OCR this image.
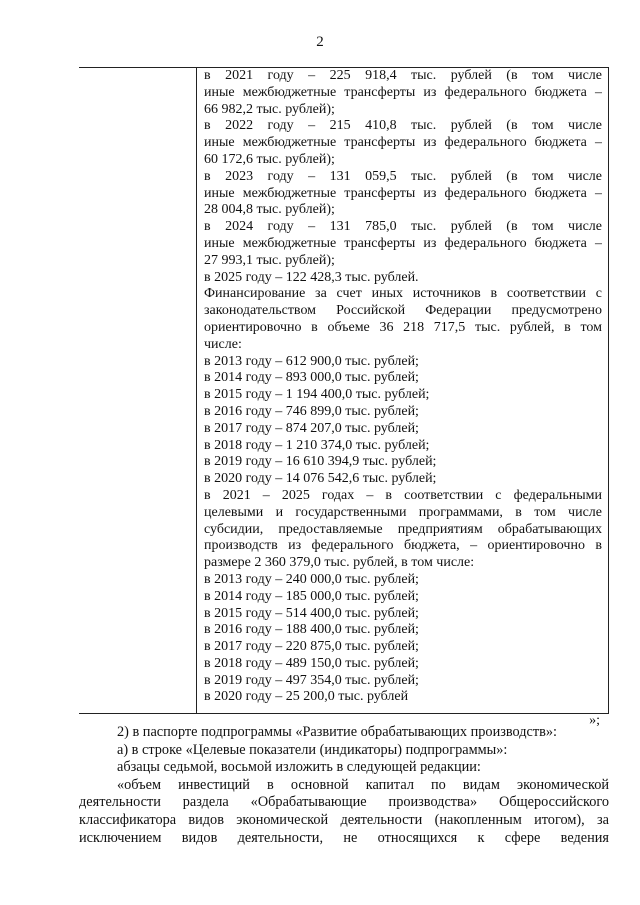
2
в 2021 году – 225 918,4 тыс. рублей (в том числе
иные межбюджетные трансферты из федерального бюджета –
66 982,2 тыс. рублей);
в 2022 году – 215 410,8 тыс. рублей (в том числе
иные межбюджетные трансферты из федерального бюджета –
60 172,6 тыс. рублей);
в 2023 году – 131 059,5 тыс. рублей (в том числе
иные межбюджетные трансферты из федерального бюджета –
28 004,8 тыс. рублей);
в 2024 году – 131 785,0 тыс. рублей (в том числе
иные межбюджетные трансферты из федерального бюджета –
27 993,1 тыс. рублей);
в 2025 году – 122 428,3 тыс. рублей.
Финансирование за счет иных источников в соответствии с
законодательством Российской Федерации предусмотрено
ориентировочно в объеме 36 218 717,5 тыс. рублей, в том
числе:
в 2013 году – 612 900,0 тыс. рублей;
в 2014 году – 893 000,0 тыс. рублей;
в 2015 году – 1 194 400,0 тыс. рублей;
в 2016 году – 746 899,0 тыс. рублей;
в 2017 году – 874 207,0 тыс. рублей;
в 2018 году – 1 210 374,0 тыс. рублей;
в 2019 году – 16 610 394,9 тыс. рублей;
в 2020 году – 14 076 542,6 тыс. рублей;
в 2021 – 2025 годах – в соответствии с федеральными
целевыми и государственными программами, в том числе
субсидии, предоставляемые предприятиям обрабатывающих
производств из федерального бюджета, – ориентировочно в
размере 2 360 379,0 тыс. рублей, в том числе:
в 2013 году – 240 000,0 тыс. рублей;
в 2014 году – 185 000,0 тыс. рублей;
в 2015 году – 514 400,0 тыс. рублей;
в 2016 году – 188 400,0 тыс. рублей;
в 2017 году – 220 875,0 тыс. рублей;
в 2018 году – 489 150,0 тыс. рублей;
в 2019 году – 497 354,0 тыс. рублей;
в 2020 году – 25 200,0 тыс. рублей
»;
2) в паспорте подпрограммы «Развитие обрабатывающих производств»:
а) в строке «Целевые показатели (индикаторы) подпрограммы»:
абзацы седьмой, восьмой изложить в следующей редакции:
«объем инвестиций в основной капитал по видам экономической
деятельности раздела «Обрабатывающие производства» Общероссийского
классификатора видов экономической деятельности (накопленным итогом), за
исключением видов деятельности, не относящихся к сфере ведения
